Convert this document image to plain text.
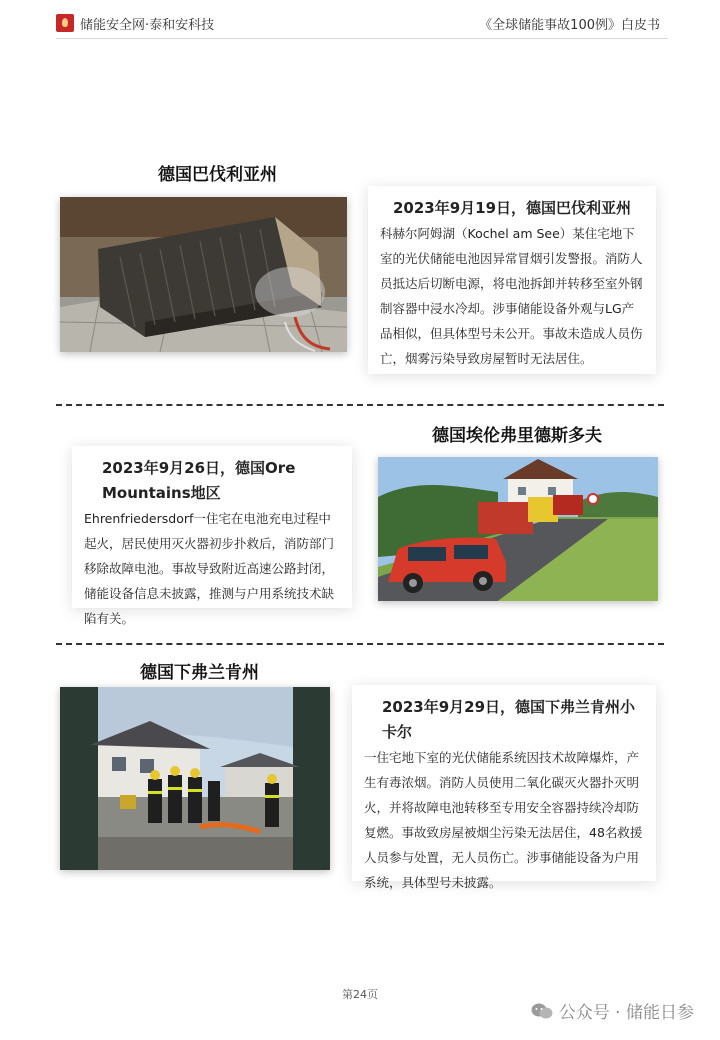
储能安全网·泰和安科技	《全球储能事故100例》白皮书
德国巴伐利亚州
2023年9月19日，德国巴伐利亚州
科赫尔阿姆湖（Kochel am See）某住宅地下室的光伏储能电池因异常冒烟引发警报。消防人员抵达后切断电源，将电池拆卸并转移至室外钢制容器中浸水冷却。涉事储能设备外观与LG产品相似，但具体型号未公开。事故未造成人员伤亡，烟雾污染导致房屋暂时无法居住。
德国埃伦弗里德斯多夫
2023年9月26日，德国Ore Mountains地区
Ehrenfriedersdorf一住宅在电池充电过程中起火，居民使用灭火器初步扑救后，消防部门移除故障电池。事故导致附近高速公路封闭，储能设备信息未披露，推测与户用系统技术缺陷有关。
德国下弗兰肯州
2023年9月29日，德国下弗兰肯州小卡尔
一住宅地下室的光伏储能系统因技术故障爆炸，产生有毒浓烟。消防人员使用二氧化碳灭火器扑灭明火，并将故障电池转移至专用安全容器持续冷却防复燃。事故致房屋被烟尘污染无法居住，48名救援人员参与处置，无人员伤亡。涉事储能设备为户用系统，具体型号未披露。
第24页
公众号 · 储能日参
